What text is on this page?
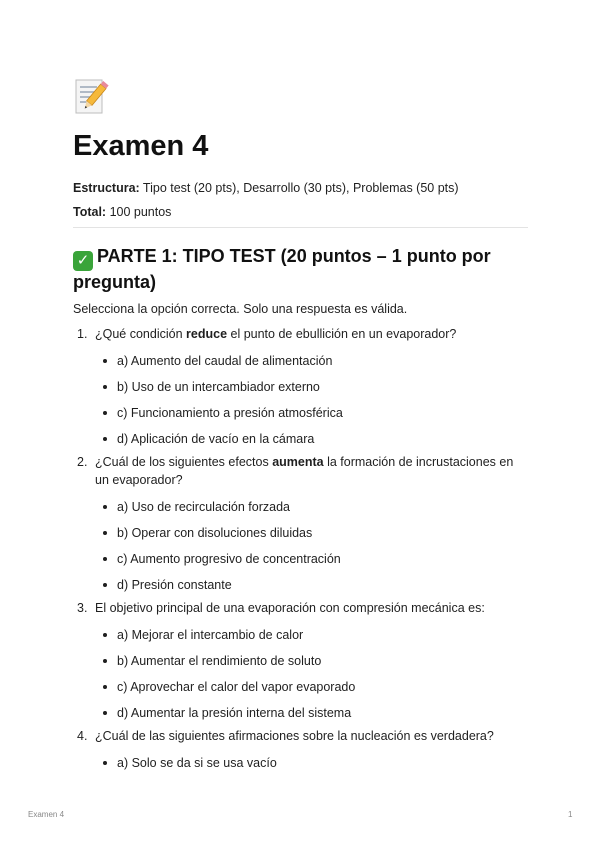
Examen 4

Estructura: Tipo test (20 pts), Desarrollo (30 pts), Problemas (50 pts)

Total: 100 puntos

✓ PARTE 1: TIPO TEST (20 puntos – 1 punto por pregunta)

Selecciona la opción correcta. Solo una respuesta es válida.

1. ¿Qué condición reduce el punto de ebullición en un evaporador?
a) Aumento del caudal de alimentación
b) Uso de un intercambiador externo
c) Funcionamiento a presión atmosférica
d) Aplicación de vacío en la cámara
2. ¿Cuál de los siguientes efectos aumenta la formación de incrustaciones en un evaporador?
a) Uso de recirculación forzada
b) Operar con disoluciones diluidas
c) Aumento progresivo de concentración
d) Presión constante
3. El objetivo principal de una evaporación con compresión mecánica es:
a) Mejorar el intercambio de calor
b) Aumentar el rendimiento de soluto
c) Aprovechar el calor del vapor evaporado
d) Aumentar la presión interna del sistema
4. ¿Cuál de las siguientes afirmaciones sobre la nucleación es verdadera?
a) Solo se da si se usa vacío
Examen 4	1
